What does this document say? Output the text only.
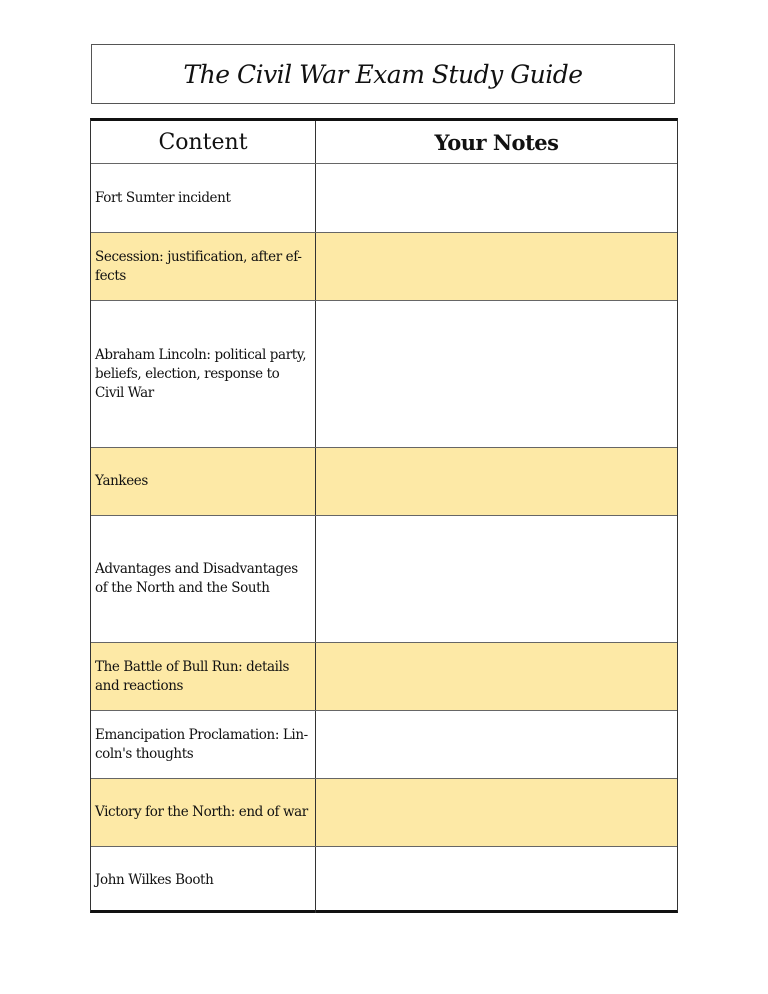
The Civil War Exam Study Guide
Content	Your Notes
Fort Sumter incident
Secession: justification, after ef-fects
Abraham Lincoln: political party, beliefs, election, response to Civil War
Yankees
Advantages and Disadvantages of the North and the South
The Battle of Bull Run: details and reactions
Emancipation Proclamation: Lin-coln's thoughts
Victory for the North: end of war
John Wilkes Booth
